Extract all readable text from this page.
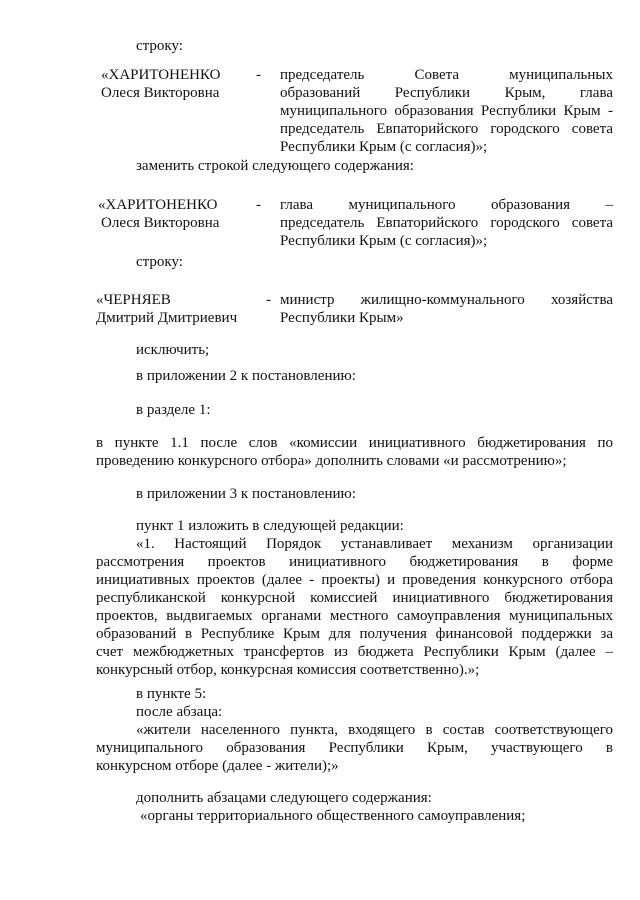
строку:
«ХАРИТОНЕНКО
Олеся Викторовна
- председатель Совета муниципальных
образований Республики Крым, глава
муниципального образования Республики Крым -
председатель Евпаторийского городского совета
Республики Крым (с согласия)»;
заменить строкой следующего содержания:
«ХАРИТОНЕНКО
Олеся Викторовна
- глава муниципального образования –
председатель Евпаторийского городского совета
Республики Крым (с согласия)»;
строку:
«ЧЕРНЯЕВ
Дмитрий Дмитриевич
- министр жилищно-коммунального хозяйства
Республики Крым»
исключить;
в приложении 2 к постановлению:
в разделе 1:
в пункте 1.1 после слов «комиссии инициативного бюджетирования по
проведению конкурсного отбора» дополнить словами «и рассмотрению»;
в приложении 3 к постановлению:
пункт 1 изложить в следующей редакции:
«1. Настоящий Порядок устанавливает механизм организации
рассмотрения проектов инициативного бюджетирования в форме
инициативных проектов (далее - проекты) и проведения конкурсного отбора
республиканской конкурсной комиссией инициативного бюджетирования
проектов, выдвигаемых органами местного самоуправления муниципальных
образований в Республике Крым для получения финансовой поддержки за
счет межбюджетных трансфертов из бюджета Республики Крым (далее –
конкурсный отбор, конкурсная комиссия соответственно).»;
в пункте 5:
после абзаца:
«жители населенного пункта, входящего в состав соответствующего
муниципального образования Республики Крым, участвующего в
конкурсном отборе (далее - жители);»
дополнить абзацами следующего содержания:
«органы территориального общественного самоуправления;
